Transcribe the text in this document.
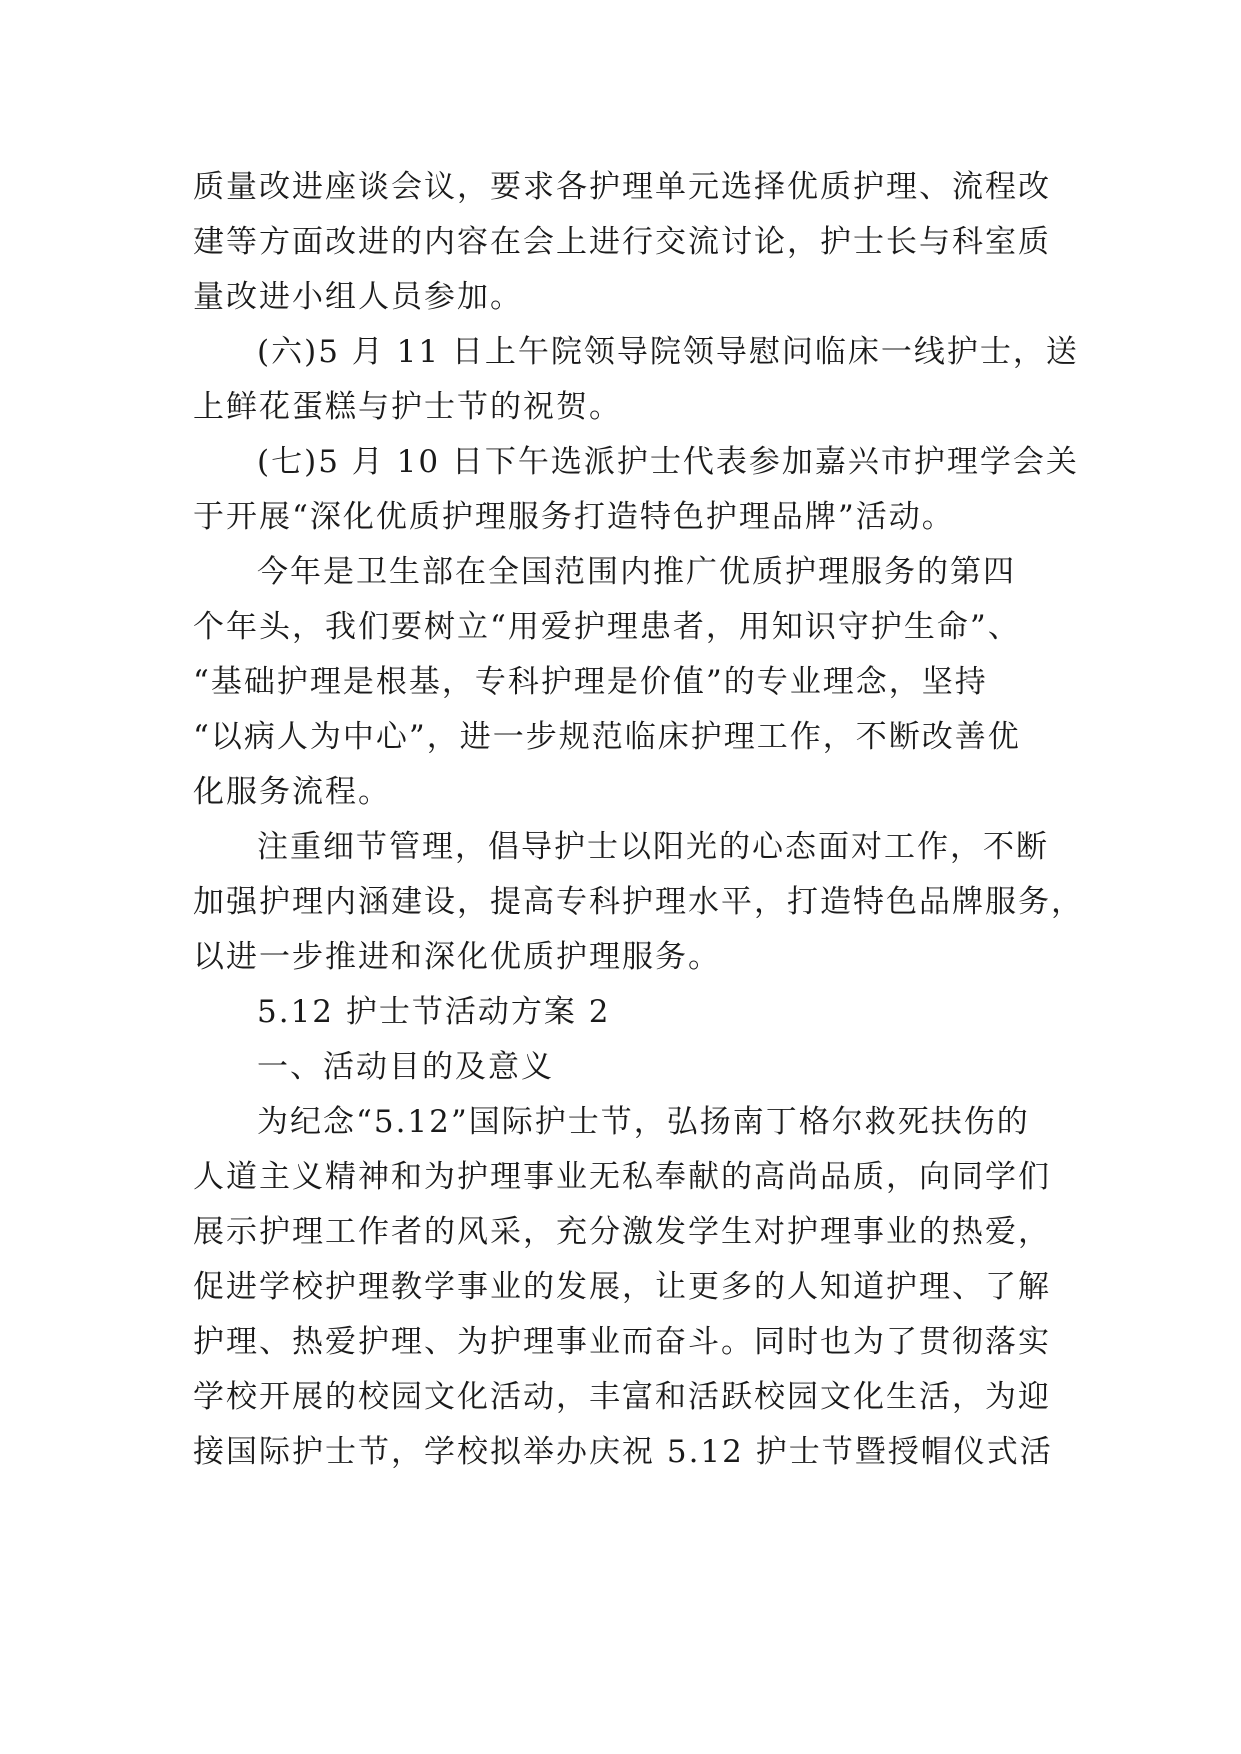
质量改进座谈会议，要求各护理单元选择优质护理、流程改
建等方面改进的内容在会上进行交流讨论，护士长与科室质
量改进小组人员参加。
(六)5 月 11 日上午院领导院领导慰问临床一线护士，送
上鲜花蛋糕与护士节的祝贺。
(七)5 月 10 日下午选派护士代表参加嘉兴市护理学会关
于开展“深化优质护理服务打造特色护理品牌”活动。
今年是卫生部在全国范围内推广优质护理服务的第四
个年头，我们要树立“用爱护理患者，用知识守护生命”、
“基础护理是根基，专科护理是价值”的专业理念，坚持
“以病人为中心”，进一步规范临床护理工作，不断改善优
化服务流程。
注重细节管理，倡导护士以阳光的心态面对工作，不断
加强护理内涵建设，提高专科护理水平，打造特色品牌服务，
以进一步推进和深化优质护理服务。
5.12 护士节活动方案 2
一、活动目的及意义
为纪念“5.12”国际护士节，弘扬南丁格尔救死扶伤的
人道主义精神和为护理事业无私奉献的高尚品质，向同学们
展示护理工作者的风采，充分激发学生对护理事业的热爱，
促进学校护理教学事业的发展，让更多的人知道护理、了解
护理、热爱护理、为护理事业而奋斗。同时也为了贯彻落实
学校开展的校园文化活动，丰富和活跃校园文化生活，为迎
接国际护士节，学校拟举办庆祝 5.12 护士节暨授帽仪式活
